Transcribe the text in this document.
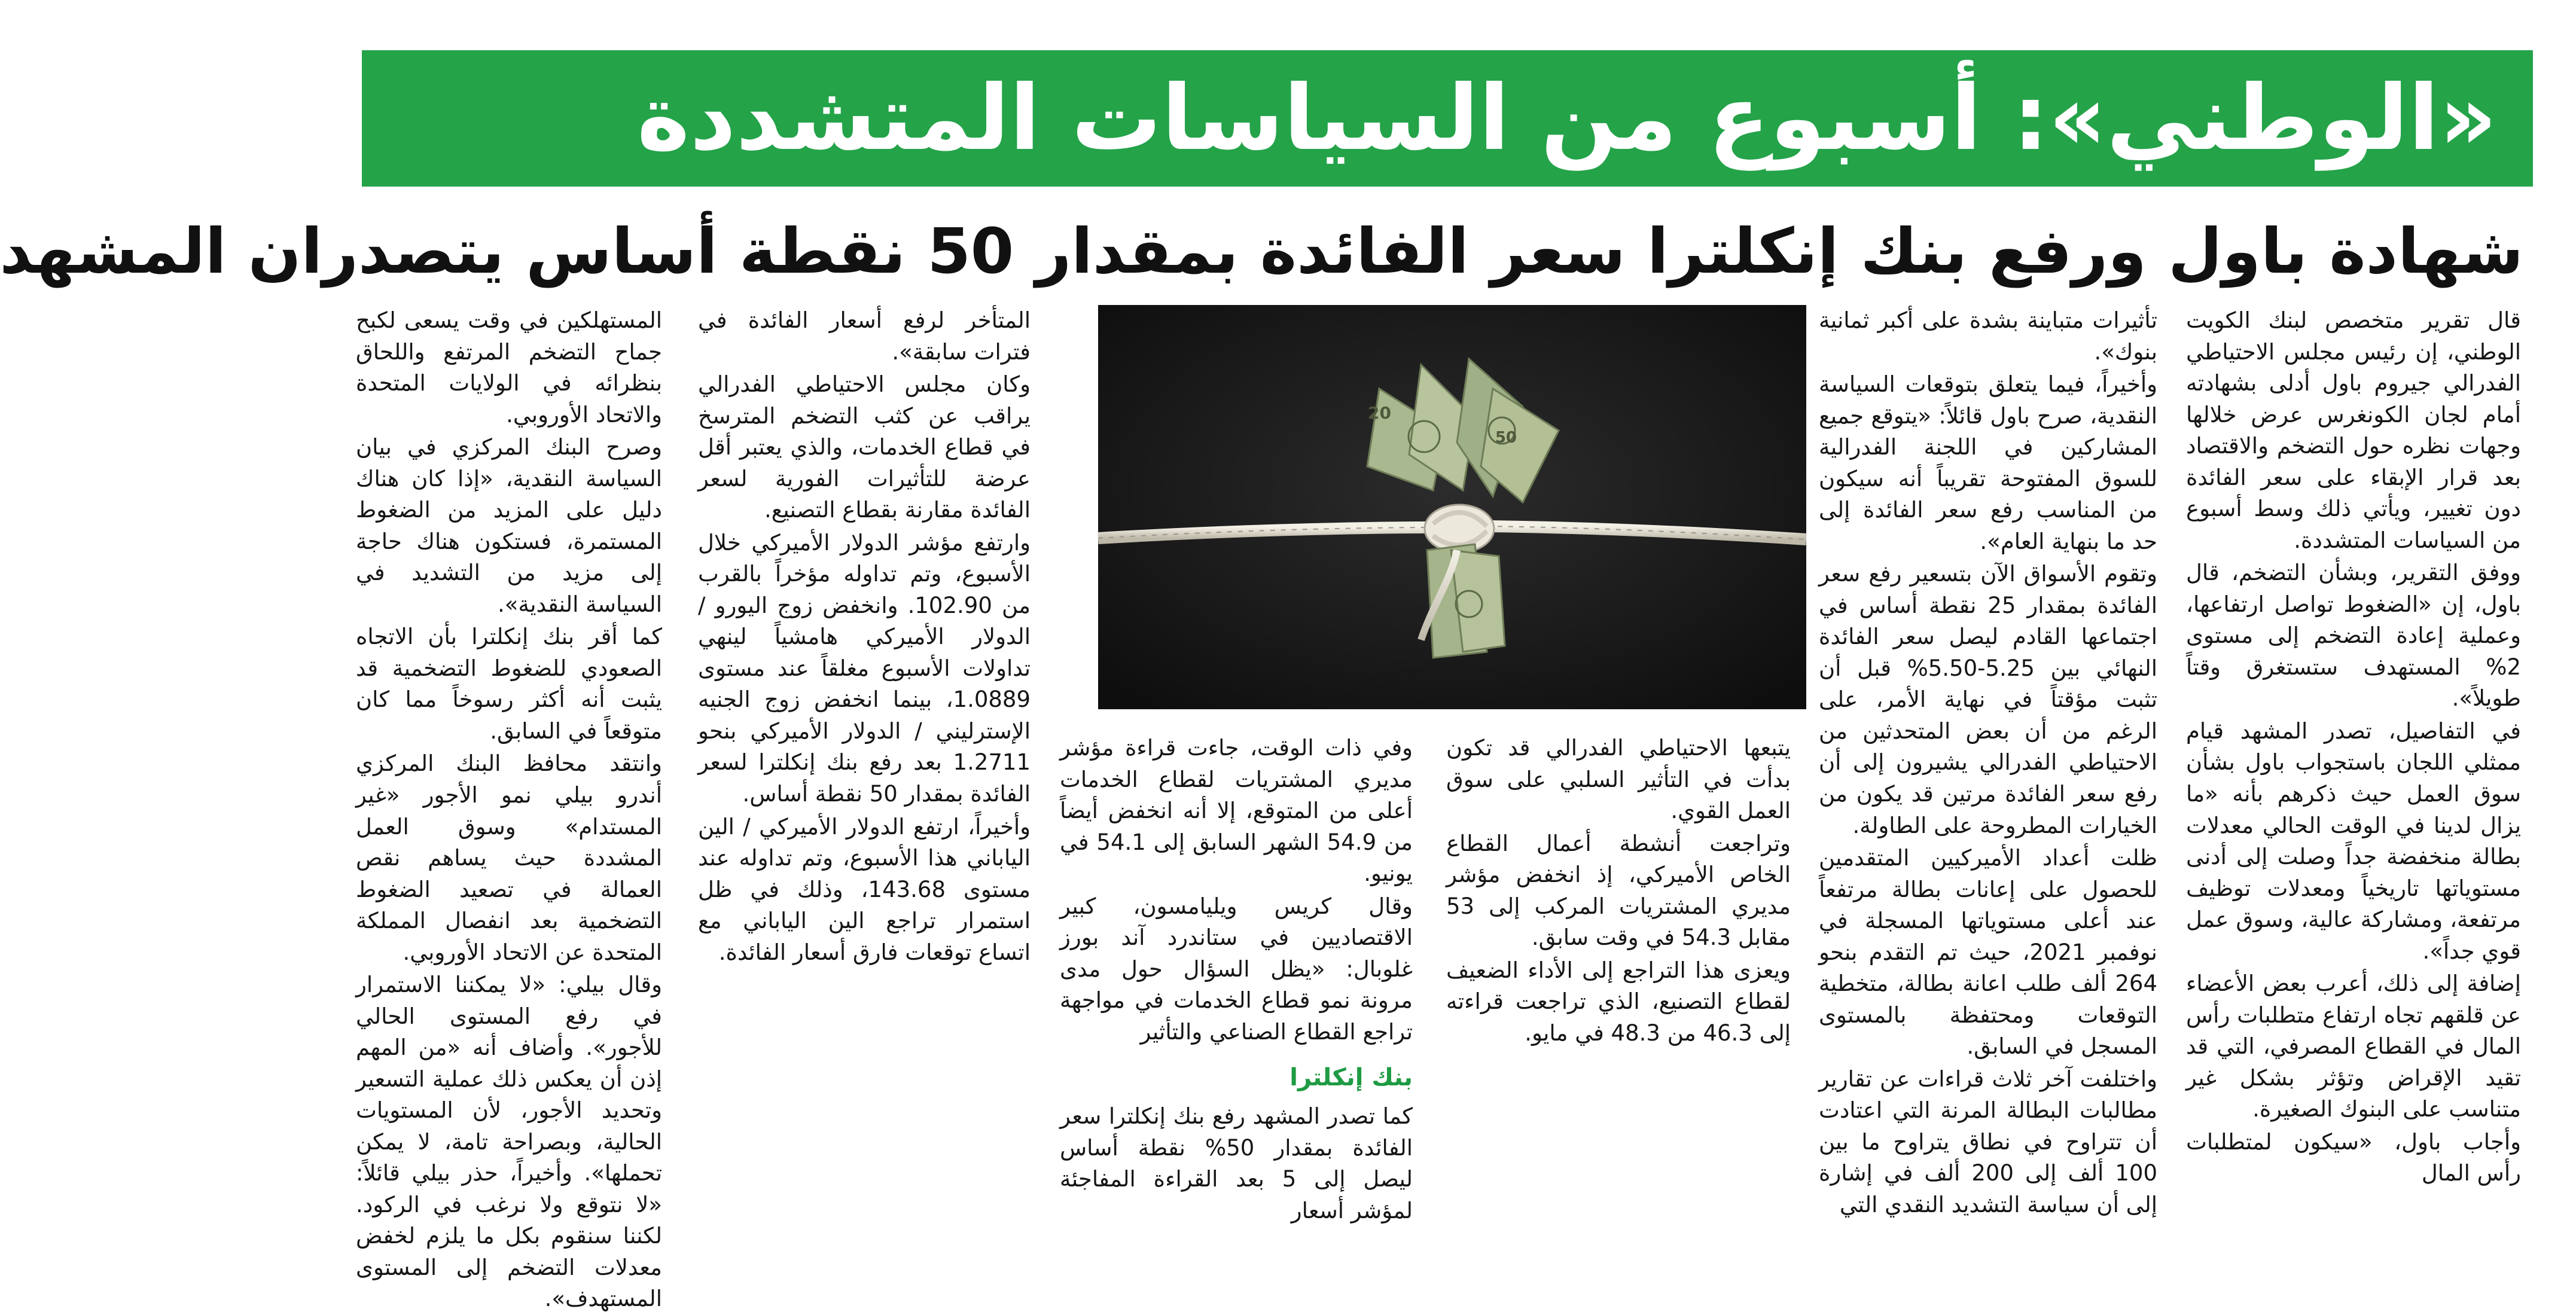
«الوطني»: أسبوع من السياسات المتشددة
شهادة باول ورفع بنك إنكلترا سعر الفائدة بمقدار 50 نقطة أساس يتصدران المشهد

قال تقرير متخصص لبنك الكويت الوطني، إن رئيس مجلس الاحتياطي الفدرالي جيروم باول أدلى بشهادته أمام لجان الكونغرس عرض خلالها وجهات نظره حول التضخم والاقتصاد بعد قرار الإبقاء على سعر الفائدة دون تغيير، ويأتي ذلك وسط أسبوع من السياسات المتشددة.

ووفق التقرير، وبشأن التضخم، قال باول، إن «الضغوط تواصل ارتفاعها، وعملية إعادة التضخم إلى مستوى 2% المستهدف ستستغرق وقتاً طويلاً».

في التفاصيل، تصدر المشهد قيام ممثلي اللجان باستجواب باول بشأن سوق العمل حيث ذكرهم بأنه «ما يزال لدينا في الوقت الحالي معدلات بطالة منخفضة جداً وصلت إلى أدنى مستوياتها تاريخياً ومعدلات توظيف مرتفعة، ومشاركة عالية، وسوق عمل قوي جداً».

إضافة إلى ذلك، أعرب بعض الأعضاء عن قلقهم تجاه ارتفاع متطلبات رأس المال في القطاع المصرفي، التي قد تقيد الإقراض وتؤثر بشكل غير متناسب على البنوك الصغيرة.

وأجاب باول، «سيكون لمتطلبات رأس المال

تأثيرات متباينة بشدة على أكبر ثمانية بنوك».

وأخيراً، فيما يتعلق بتوقعات السياسة النقدية، صرح باول قائلاً: «يتوقع جميع المشاركين في اللجنة الفدرالية للسوق المفتوحة تقريباً أنه سيكون من المناسب رفع سعر الفائدة إلى حد ما بنهاية العام».

وتقوم الأسواق الآن بتسعير رفع سعر الفائدة بمقدار 25 نقطة أساس في اجتماعها القادم ليصل سعر الفائدة النهائي بين 5.25-5.50% قبل أن تثبت مؤقتاً في نهاية الأمر، على الرغم من أن بعض المتحدثين من الاحتياطي الفدرالي يشيرون إلى أن رفع سعر الفائدة مرتين قد يكون من الخيارات المطروحة على الطاولة.

ظلت أعداد الأميركيين المتقدمين للحصول على إعانات بطالة مرتفعاً عند أعلى مستوياتها المسجلة في نوفمبر 2021، حيث تم التقدم بنحو 264 ألف طلب اعانة بطالة، متخطية التوقعات ومحتفظة بالمستوى المسجل في السابق.

واختلفت آخر ثلاث قراءات عن تقارير مطالبات البطالة المرنة التي اعتادت أن تتراوح في نطاق يتراوح ما بين 100 ألف إلى 200 ألف في إشارة إلى أن سياسة التشديد النقدي التي

20
50

يتبعها الاحتياطي الفدرالي قد تكون بدأت في التأثير السلبي على سوق العمل القوي.

وتراجعت أنشطة أعمال القطاع الخاص الأميركي، إذ انخفض مؤشر مديري المشتريات المركب إلى 53 مقابل 54.3 في وقت سابق.

ويعزى هذا التراجع إلى الأداء الضعيف لقطاع التصنيع، الذي تراجعت قراءته إلى 46.3 من 48.3 في مايو.

وفي ذات الوقت، جاءت قراءة مؤشر مديري المشتريات لقطاع الخدمات أعلى من المتوقع، إلا أنه انخفض أيضاً من 54.9 الشهر السابق إلى 54.1 في يونيو.

وقال كريس ويليامسون، كبير الاقتصاديين في ستاندرد آند بورز غلوبال: «يظل السؤال حول مدى مرونة نمو قطاع الخدمات في مواجهة تراجع القطاع الصناعي والتأثير

بنك إنكلترا

كما تصدر المشهد رفع بنك إنكلترا سعر الفائدة بمقدار 50% نقطة أساس ليصل إلى 5 بعد القراءة المفاجئة لمؤشر أسعار

المتأخر لرفع أسعار الفائدة في فترات سابقة».

وكان مجلس الاحتياطي الفدرالي يراقب عن كثب التضخم المترسخ في قطاع الخدمات، والذي يعتبر أقل عرضة للتأثيرات الفورية لسعر الفائدة مقارنة بقطاع التصنيع.

وارتفع مؤشر الدولار الأميركي خلال الأسبوع، وتم تداوله مؤخراً بالقرب من 102.90. وانخفض زوج اليورو / الدولار الأميركي هامشياً لينهي تداولات الأسبوع مغلقاً عند مستوى 1.0889، بينما انخفض زوج الجنيه الإسترليني / الدولار الأميركي بنحو 1.2711 بعد رفع بنك إنكلترا لسعر الفائدة بمقدار 50 نقطة أساس.

وأخيراً، ارتفع الدولار الأميركي / الين الياباني هذا الأسبوع، وتم تداوله عند مستوى 143.68، وذلك في ظل استمرار تراجع الين الياباني مع اتساع توقعات فارق أسعار الفائدة.

المستهلكين في وقت يسعى لكبح جماح التضخم المرتفع واللحاق بنظرائه في الولايات المتحدة والاتحاد الأوروبي.

وصرح البنك المركزي في بيان السياسة النقدية، «إذا كان هناك دليل على المزيد من الضغوط المستمرة، فستكون هناك حاجة إلى مزيد من التشديد في السياسة النقدية».

كما أقر بنك إنكلترا بأن الاتجاه الصعودي للضغوط التضخمية قد يثبت أنه أكثر رسوخاً مما كان متوقعاً في السابق.

وانتقد محافظ البنك المركزي أندرو بيلي نمو الأجور «غير المستدام» وسوق العمل المشددة حيث يساهم نقص العمالة في تصعيد الضغوط التضخمية بعد انفصال المملكة المتحدة عن الاتحاد الأوروبي.

وقال بيلي: «لا يمكننا الاستمرار في رفع المستوى الحالي للأجور». وأضاف أنه «من المهم إذن أن يعكس ذلك عملية التسعير وتحديد الأجور، لأن المستويات الحالية، وبصراحة تامة، لا يمكن تحملها». وأخيراً، حذر بيلي قائلاً: «لا نتوقع ولا نرغب في الركود. لكننا سنقوم بكل ما يلزم لخفض معدلات التضخم إلى المستوى المستهدف».
